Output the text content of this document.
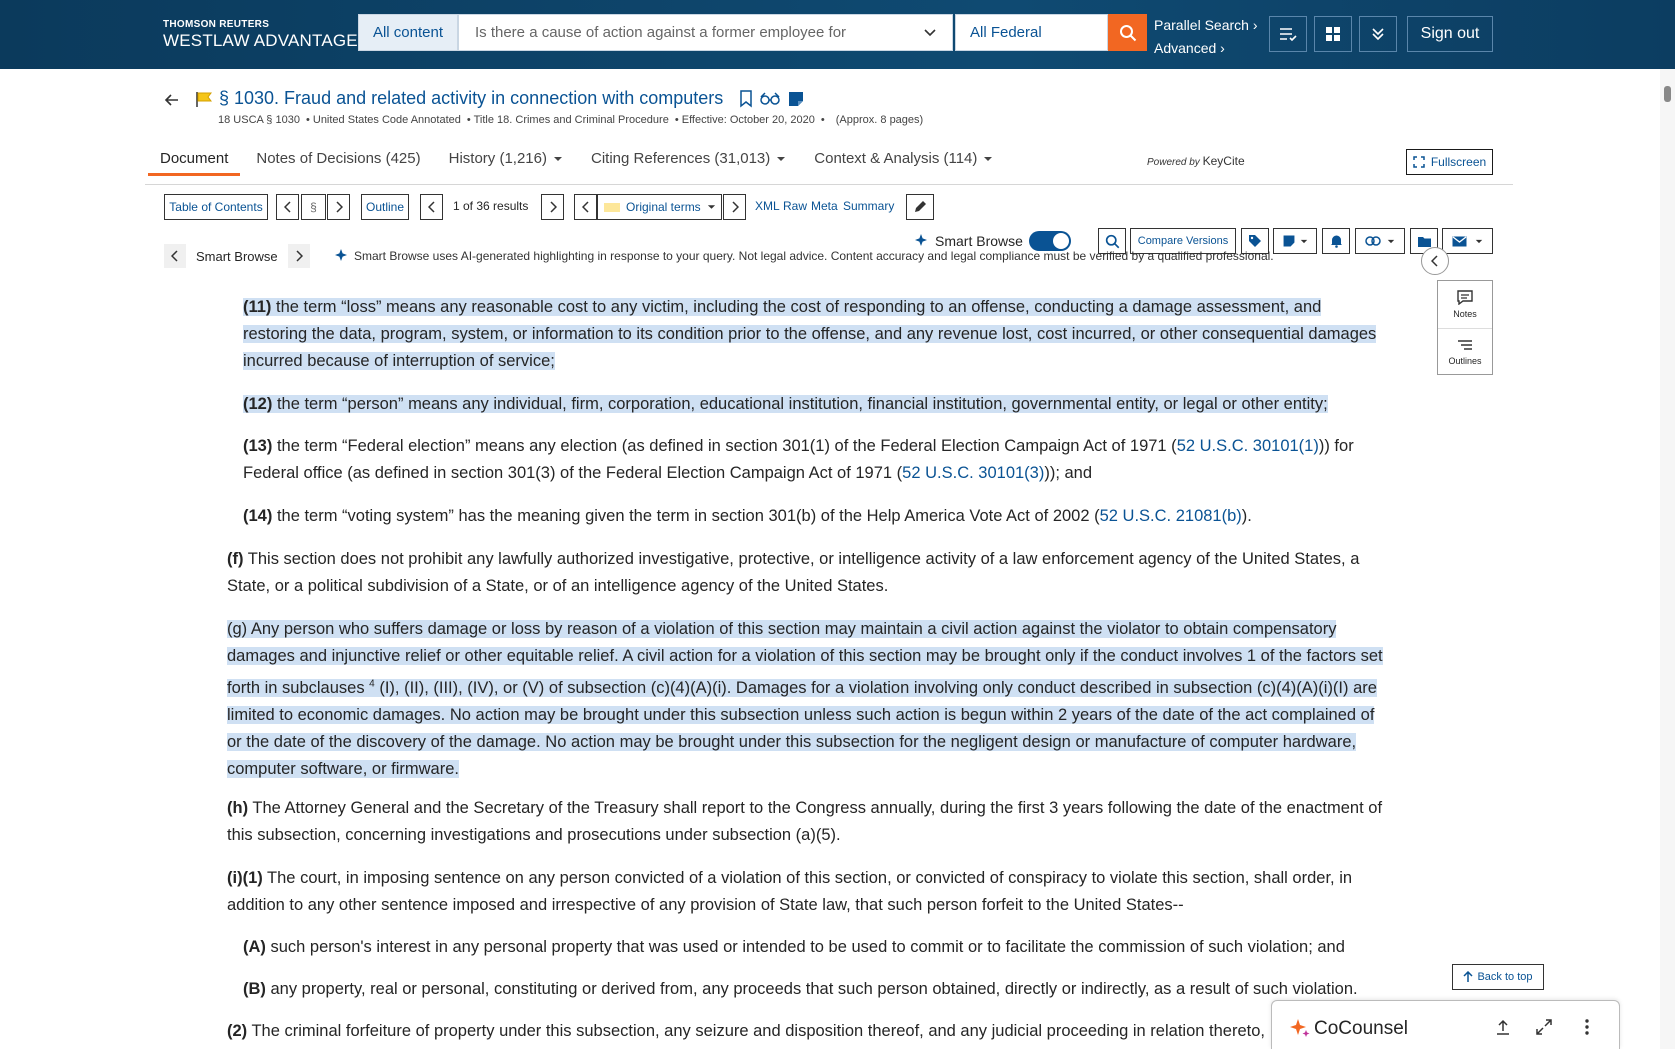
THOMSON REUTERS
WESTLAW ADVANTAGE	All content	Is there a cause of action against a former employee for	All Federal	Parallel Search ›
Advanced ›
Sign out
§ 1030. Fraud and related activity in connection with computers
18 USCA § 1030 • United States Code Annotated • Title 18. Crimes and Criminal Procedure • Effective: October 20, 2020 • (Approx. 8 pages)
Document Notes of Decisions (425) History (1,216)	Citing References (31,013)	Context & Analysis (114)	Powered by KeyCite	Fullscreen
Table of Contents	§	Outline	1 of 36 results	Original terms	XML Raw Meta Summary
Smart Browse	Compare Versions
Smart Browse	Smart Browse uses AI-generated highlighting in response to your query. Not legal advice. Content accuracy and legal compliance must be verified by a qualified professional.
Notes
Outlines
(11) the term “loss” means any reasonable cost to any victim, including the cost of responding to an offense, conducting a damage assessment, and restoring the data, program, system, or information to its condition prior to the offense, and any revenue lost, cost incurred, or other consequential damages incurred because of interruption of service;
(12) the term “person” means any individual, firm, corporation, educational institution, financial institution, governmental entity, or legal or other entity;
(13) the term “Federal election” means any election (as defined in section 301(1) of the Federal Election Campaign Act of 1971 (52 U.S.C. 30101(1))) for Federal office (as defined in section 301(3) of the Federal Election Campaign Act of 1971 (52 U.S.C. 30101(3))); and
(14) the term “voting system” has the meaning given the term in section 301(b) of the Help America Vote Act of 2002 (52 U.S.C. 21081(b)).
(f) This section does not prohibit any lawfully authorized investigative, protective, or intelligence activity of a law enforcement agency of the United States, a State, or a political subdivision of a State, or of an intelligence agency of the United States.
(g) Any person who suffers damage or loss by reason of a violation of this section may maintain a civil action against the violator to obtain compensatory damages and injunctive relief or other equitable relief. A civil action for a violation of this section may be brought only if the conduct involves 1 of the factors set forth in subclauses $^4$ (I), (II), (III), (IV), or (V) of subsection (c)(4)(A)(i). Damages for a violation involving only conduct described in subsection (c)(4)(A)(i)(I) are limited to economic damages. No action may be brought under this subsection unless such action is begun within 2 years of the date of the act complained of or the date of the discovery of the damage. No action may be brought under this subsection for the negligent design or manufacture of computer hardware, computer software, or firmware.
(h) The Attorney General and the Secretary of the Treasury shall report to the Congress annually, during the first 3 years following the date of the enactment of this subsection, concerning investigations and prosecutions under subsection (a)(5).
(i)(1) The court, in imposing sentence on any person convicted of a violation of this section, or convicted of conspiracy to violate this section, shall order, in addition to any other sentence imposed and irrespective of any provision of State law, that such person forfeit to the United States--
(A) such person's interest in any personal property that was used or intended to be used to commit or to facilitate the commission of such violation; and
(B) any property, real or personal, constituting or derived from, any proceeds that such person obtained, directly or indirectly, as a result of such violation.
(2) The criminal forfeiture of property under this subsection, any seizure and disposition thereof, and any judicial proceeding in relation thereto,
Back to top
CoCounsel
